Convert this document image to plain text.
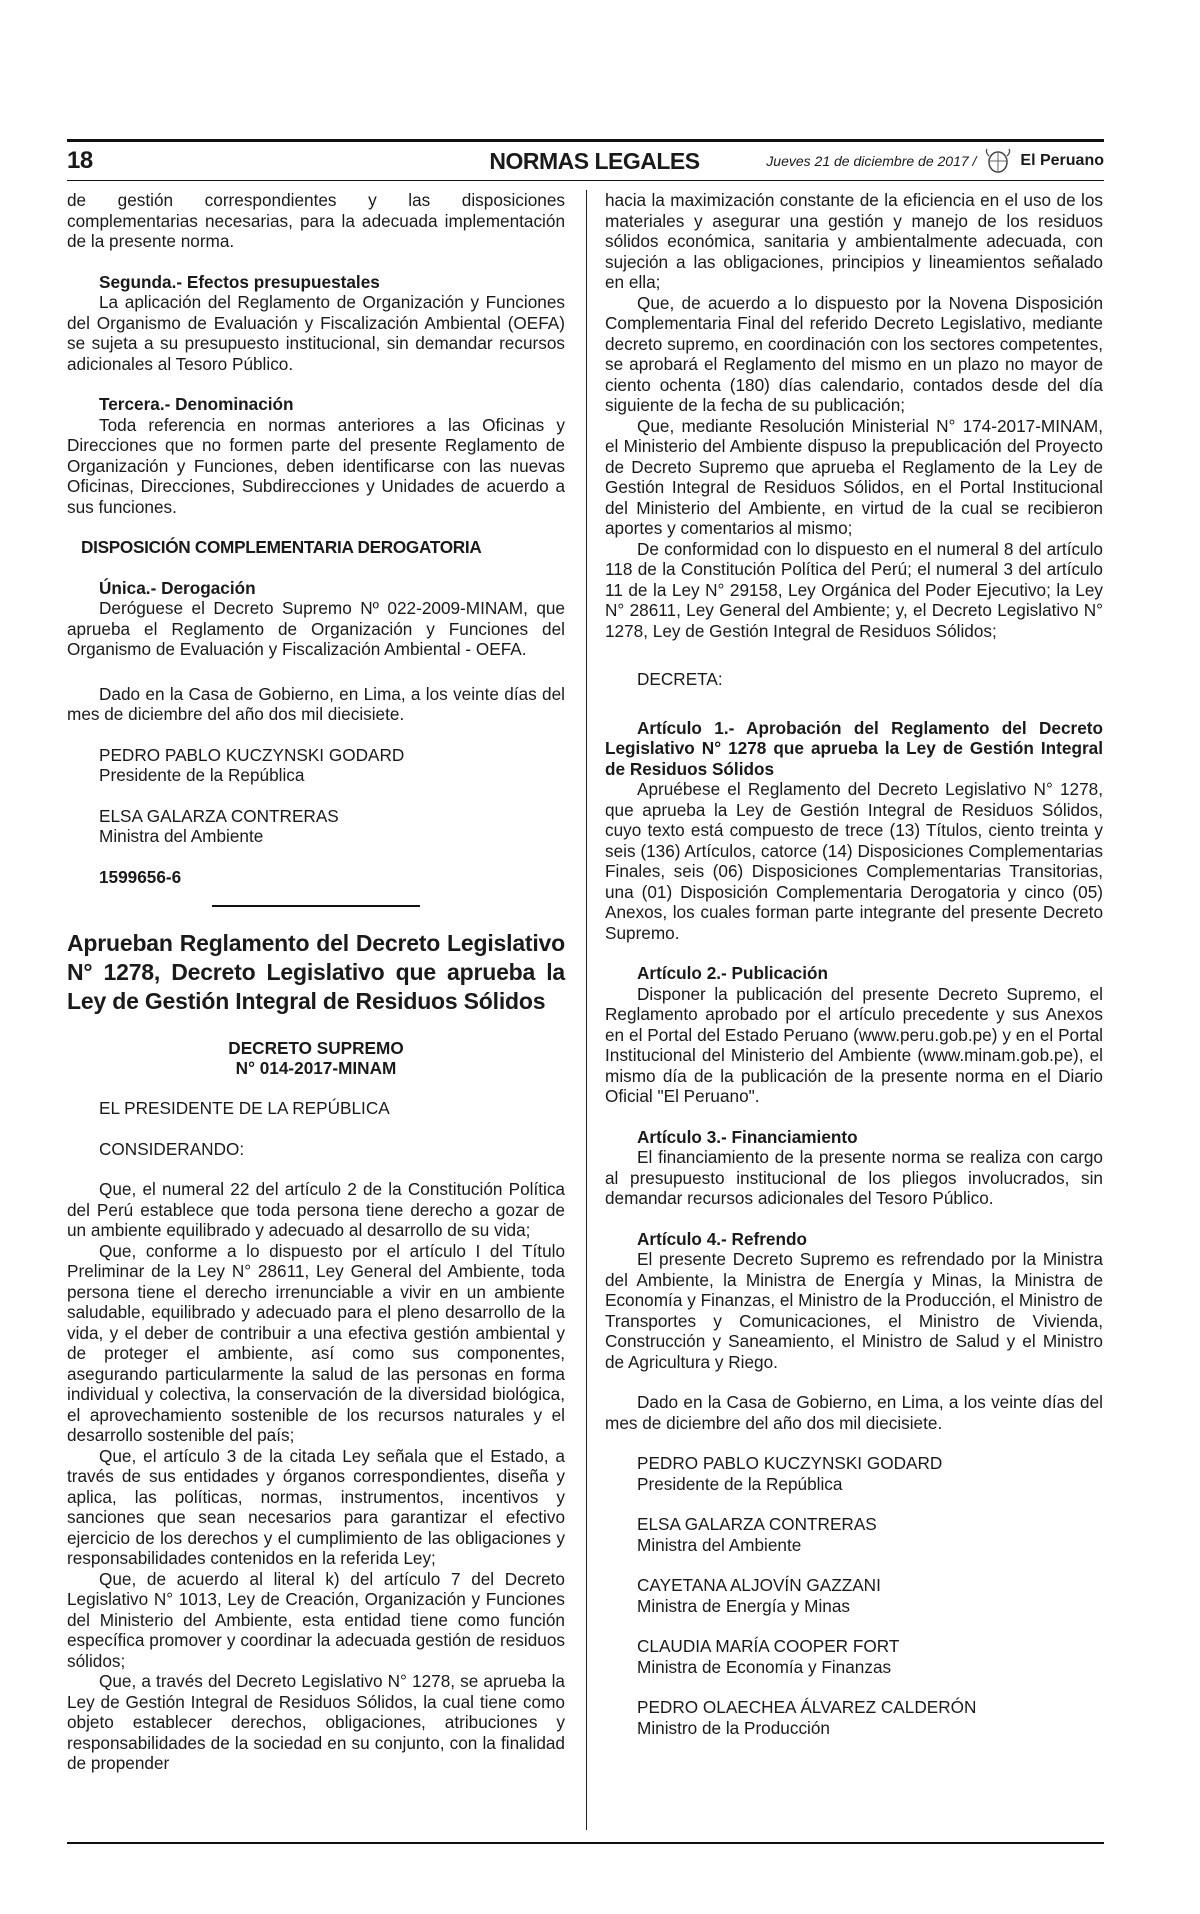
18	NORMAS LEGALES	Jueves 21 de diciembre de 2017 /	El Peruano

de gestión correspondientes y las disposiciones complementarias necesarias, para la adecuada implementación de la presente norma.

Segunda.- Efectos presupuestales

La aplicación del Reglamento de Organización y Funciones del Organismo de Evaluación y Fiscalización Ambiental (OEFA) se sujeta a su presupuesto institucional, sin demandar recursos adicionales al Tesoro Público.

Tercera.- Denominación

Toda referencia en normas anteriores a las Oficinas y Direcciones que no formen parte del presente Reglamento de Organización y Funciones, deben identificarse con las nuevas Oficinas, Direcciones, Subdirecciones y Unidades de acuerdo a sus funciones.

DISPOSICIÓN COMPLEMENTARIA DEROGATORIA

Única.- Derogación

Deróguese el Decreto Supremo Nº 022-2009-MINAM, que aprueba el Reglamento de Organización y Funciones del Organismo de Evaluación y Fiscalización Ambiental - OEFA.

Dado en la Casa de Gobierno, en Lima, a los veinte días del mes de diciembre del año dos mil diecisiete.

PEDRO PABLO KUCZYNSKI GODARD

Presidente de la República

ELSA GALARZA CONTRERAS

Ministra del Ambiente

1599656-6

Aprueban Reglamento del Decreto Legislativo N° 1278, Decreto Legislativo que aprueba la Ley de Gestión Integral de Residuos Sólidos

DECRETO SUPREMO

N° 014-2017-MINAM

EL PRESIDENTE DE LA REPÚBLICA

CONSIDERANDO:

Que, el numeral 22 del artículo 2 de la Constitución Política del Perú establece que toda persona tiene derecho a gozar de un ambiente equilibrado y adecuado al desarrollo de su vida;

Que, conforme a lo dispuesto por el artículo I del Título Preliminar de la Ley N° 28611, Ley General del Ambiente, toda persona tiene el derecho irrenunciable a vivir en un ambiente saludable, equilibrado y adecuado para el pleno desarrollo de la vida, y el deber de contribuir a una efectiva gestión ambiental y de proteger el ambiente, así como sus componentes, asegurando particularmente la salud de las personas en forma individual y colectiva, la conservación de la diversidad biológica, el aprovechamiento sostenible de los recursos naturales y el desarrollo sostenible del país;

Que, el artículo 3 de la citada Ley señala que el Estado, a través de sus entidades y órganos correspondientes, diseña y aplica, las políticas, normas, instrumentos, incentivos y sanciones que sean necesarios para garantizar el efectivo ejercicio de los derechos y el cumplimiento de las obligaciones y responsabilidades contenidos en la referida Ley;

Que, de acuerdo al literal k) del artículo 7 del Decreto Legislativo N° 1013, Ley de Creación, Organización y Funciones del Ministerio del Ambiente, esta entidad tiene como función específica promover y coordinar la adecuada gestión de residuos sólidos;

Que, a través del Decreto Legislativo N° 1278, se aprueba la Ley de Gestión Integral de Residuos Sólidos, la cual tiene como objeto establecer derechos, obligaciones, atribuciones y responsabilidades de la sociedad en su conjunto, con la finalidad de propender

hacia la maximización constante de la eficiencia en el uso de los materiales y asegurar una gestión y manejo de los residuos sólidos económica, sanitaria y ambientalmente adecuada, con sujeción a las obligaciones, principios y lineamientos señalado en ella;

Que, de acuerdo a lo dispuesto por la Novena Disposición Complementaria Final del referido Decreto Legislativo, mediante decreto supremo, en coordinación con los sectores competentes, se aprobará el Reglamento del mismo en un plazo no mayor de ciento ochenta (180) días calendario, contados desde del día siguiente de la fecha de su publicación;

Que, mediante Resolución Ministerial N° 174-2017-MINAM, el Ministerio del Ambiente dispuso la prepublicación del Proyecto de Decreto Supremo que aprueba el Reglamento de la Ley de Gestión Integral de Residuos Sólidos, en el Portal Institucional del Ministerio del Ambiente, en virtud de la cual se recibieron aportes y comentarios al mismo;

De conformidad con lo dispuesto en el numeral 8 del artículo 118 de la Constitución Política del Perú; el numeral 3 del artículo 11 de la Ley N° 29158, Ley Orgánica del Poder Ejecutivo; la Ley N° 28611, Ley General del Ambiente; y, el Decreto Legislativo N° 1278, Ley de Gestión Integral de Residuos Sólidos;

DECRETA:

Artículo 1.- Aprobación del Reglamento del Decreto Legislativo N° 1278 que aprueba la Ley de Gestión Integral de Residuos Sólidos

Apruébese el Reglamento del Decreto Legislativo N° 1278, que aprueba la Ley de Gestión Integral de Residuos Sólidos, cuyo texto está compuesto de trece (13) Títulos, ciento treinta y seis (136) Artículos, catorce (14) Disposiciones Complementarias Finales, seis (06) Disposiciones Complementarias Transitorias, una (01) Disposición Complementaria Derogatoria y cinco (05) Anexos, los cuales forman parte integrante del presente Decreto Supremo.

Artículo 2.- Publicación

Disponer la publicación del presente Decreto Supremo, el Reglamento aprobado por el artículo precedente y sus Anexos en el Portal del Estado Peruano (www.peru.gob.pe) y en el Portal Institucional del Ministerio del Ambiente (www.minam.gob.pe), el mismo día de la publicación de la presente norma en el Diario Oficial "El Peruano".

Artículo 3.- Financiamiento

El financiamiento de la presente norma se realiza con cargo al presupuesto institucional de los pliegos involucrados, sin demandar recursos adicionales del Tesoro Público.

Artículo 4.- Refrendo

El presente Decreto Supremo es refrendado por la Ministra del Ambiente, la Ministra de Energía y Minas, la Ministra de Economía y Finanzas, el Ministro de la Producción, el Ministro de Transportes y Comunicaciones, el Ministro de Vivienda, Construcción y Saneamiento, el Ministro de Salud y el Ministro de Agricultura y Riego.

Dado en la Casa de Gobierno, en Lima, a los veinte días del mes de diciembre del año dos mil diecisiete.

PEDRO PABLO KUCZYNSKI GODARD

Presidente de la República

ELSA GALARZA CONTRERAS

Ministra del Ambiente

CAYETANA ALJOVÍN GAZZANI

Ministra de Energía y Minas

CLAUDIA MARÍA COOPER FORT

Ministra de Economía y Finanzas

PEDRO OLAECHEA ÁLVAREZ CALDERÓN

Ministro de la Producción
